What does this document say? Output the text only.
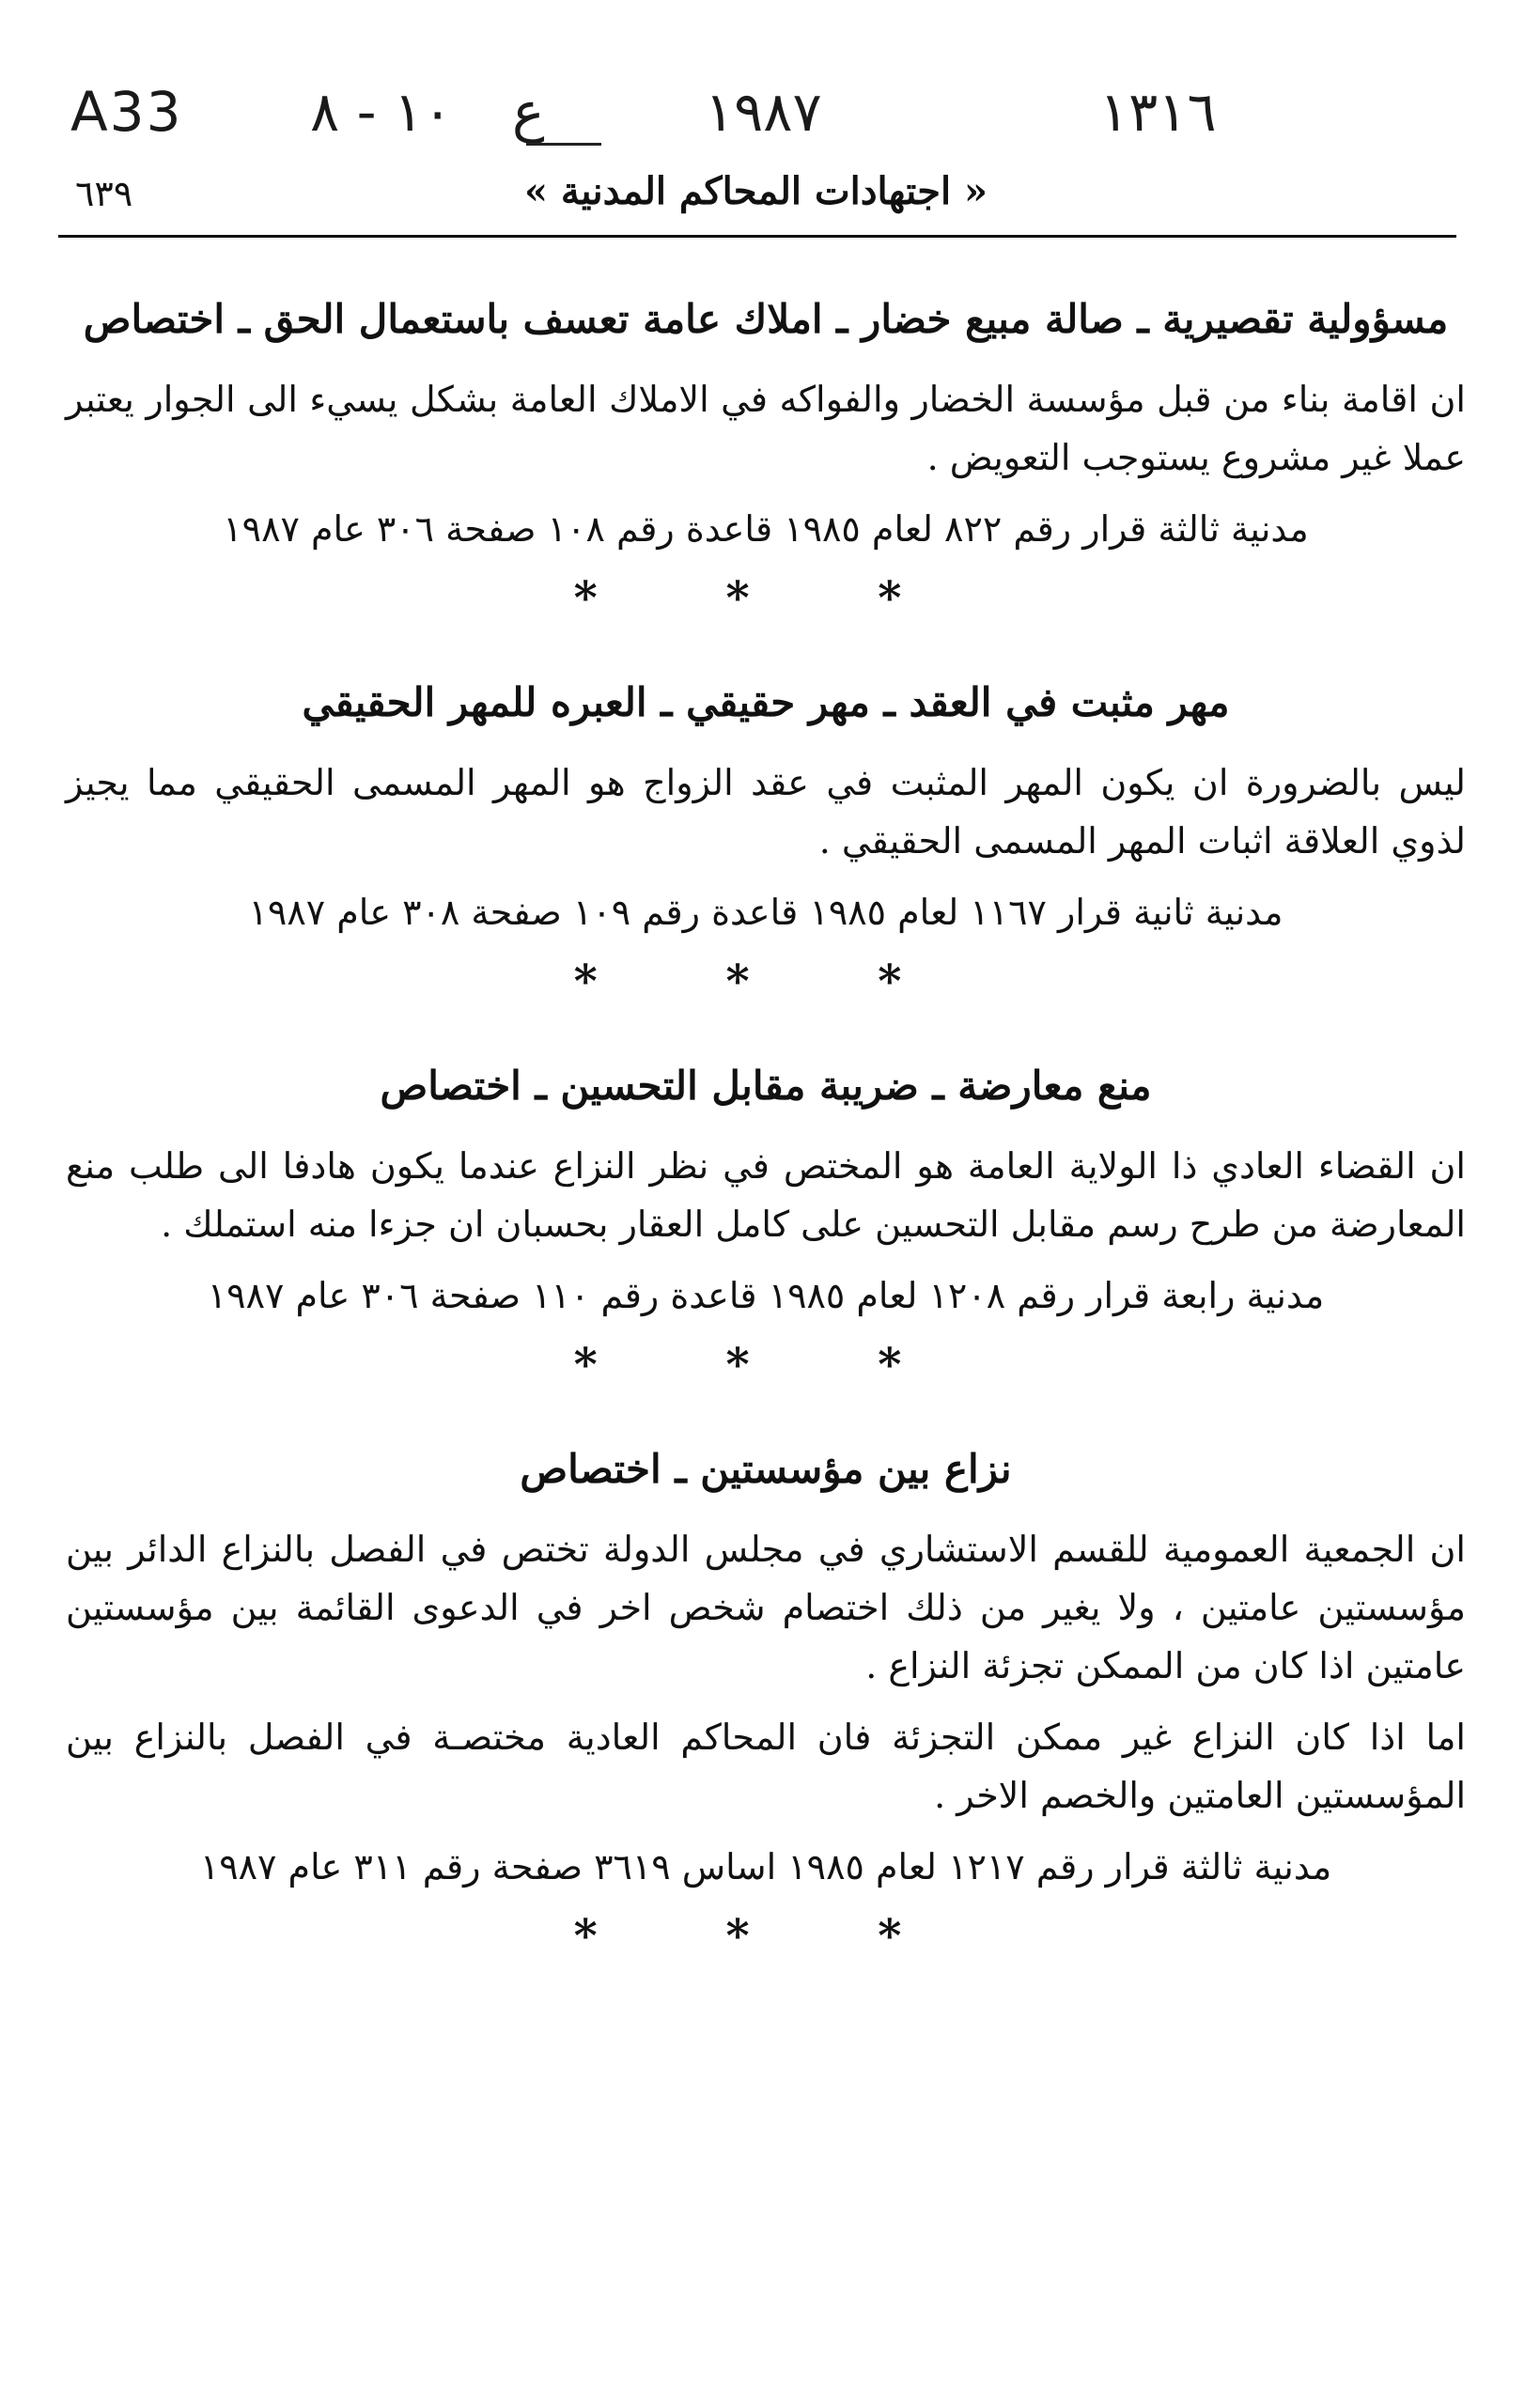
A33 ١٠ - ٨ ع	١٩٨٧	١٣١٦
« اجتهادات المحاكم المدنية »
٦٣٩
مسؤولية تقصيرية ـ صالة مبيع خضار ـ املاك عامة تعسف باستعمال الحق ـ اختصاص

ان اقامة بناء من قبل مؤسسة الخضار والفواكه في الاملاك العامة بشكل يسيء الى الجوار يعتبر عملا غير مشروع يستوجب التعويض .

مدنية ثالثة قرار رقم ٨٢٢ لعام ١٩٨٥ قاعدة رقم ١٠٨ صفحة ٣٠٦ عام ١٩٨٧
* * *
مهر مثبت في العقد ـ مهر حقيقي ـ العبره للمهر الحقيقي

ليس بالضرورة ان يكون المهر المثبت في عقد الزواج هو المهر المسمى الحقيقي مما يجيز لذوي العلاقة اثبات المهر المسمى الحقيقي .

مدنية ثانية قرار ١١٦٧ لعام ١٩٨٥ قاعدة رقم ١٠٩ صفحة ٣٠٨ عام ١٩٨٧
* * *
منع معارضة ـ ضريبة مقابل التحسين ـ اختصاص

ان القضاء العادي ذا الولاية العامة هو المختص في نظر النزاع عندما يكون هادفا الى طلب منع المعارضة من طرح رسم مقابل التحسين على كامل العقار بحسبان ان جزءا منه استملك .

مدنية رابعة قرار رقم ١٢٠٨ لعام ١٩٨٥ قاعدة رقم ١١٠ صفحة ٣٠٦ عام ١٩٨٧
* * *
نزاع بين مؤسستين ـ اختصاص

ان الجمعية العمومية للقسم الاستشاري في مجلس الدولة تختص في الفصل بالنزاع الدائر بين مؤسستين عامتين ، ولا يغير من ذلك اختصام شخص اخر في الدعوى القائمة بين مؤسستين عامتين اذا كان من الممكن تجزئة النزاع .

اما اذا كان النزاع غير ممكن التجزئة فان المحاكم العادية مختصـة في الفصل بالنزاع بين المؤسستين العامتين والخصم الاخر .

مدنية ثالثة قرار رقم ١٢١٧ لعام ١٩٨٥ اساس ٣٦١٩ صفحة رقم ٣١١ عام ١٩٨٧
* * *
